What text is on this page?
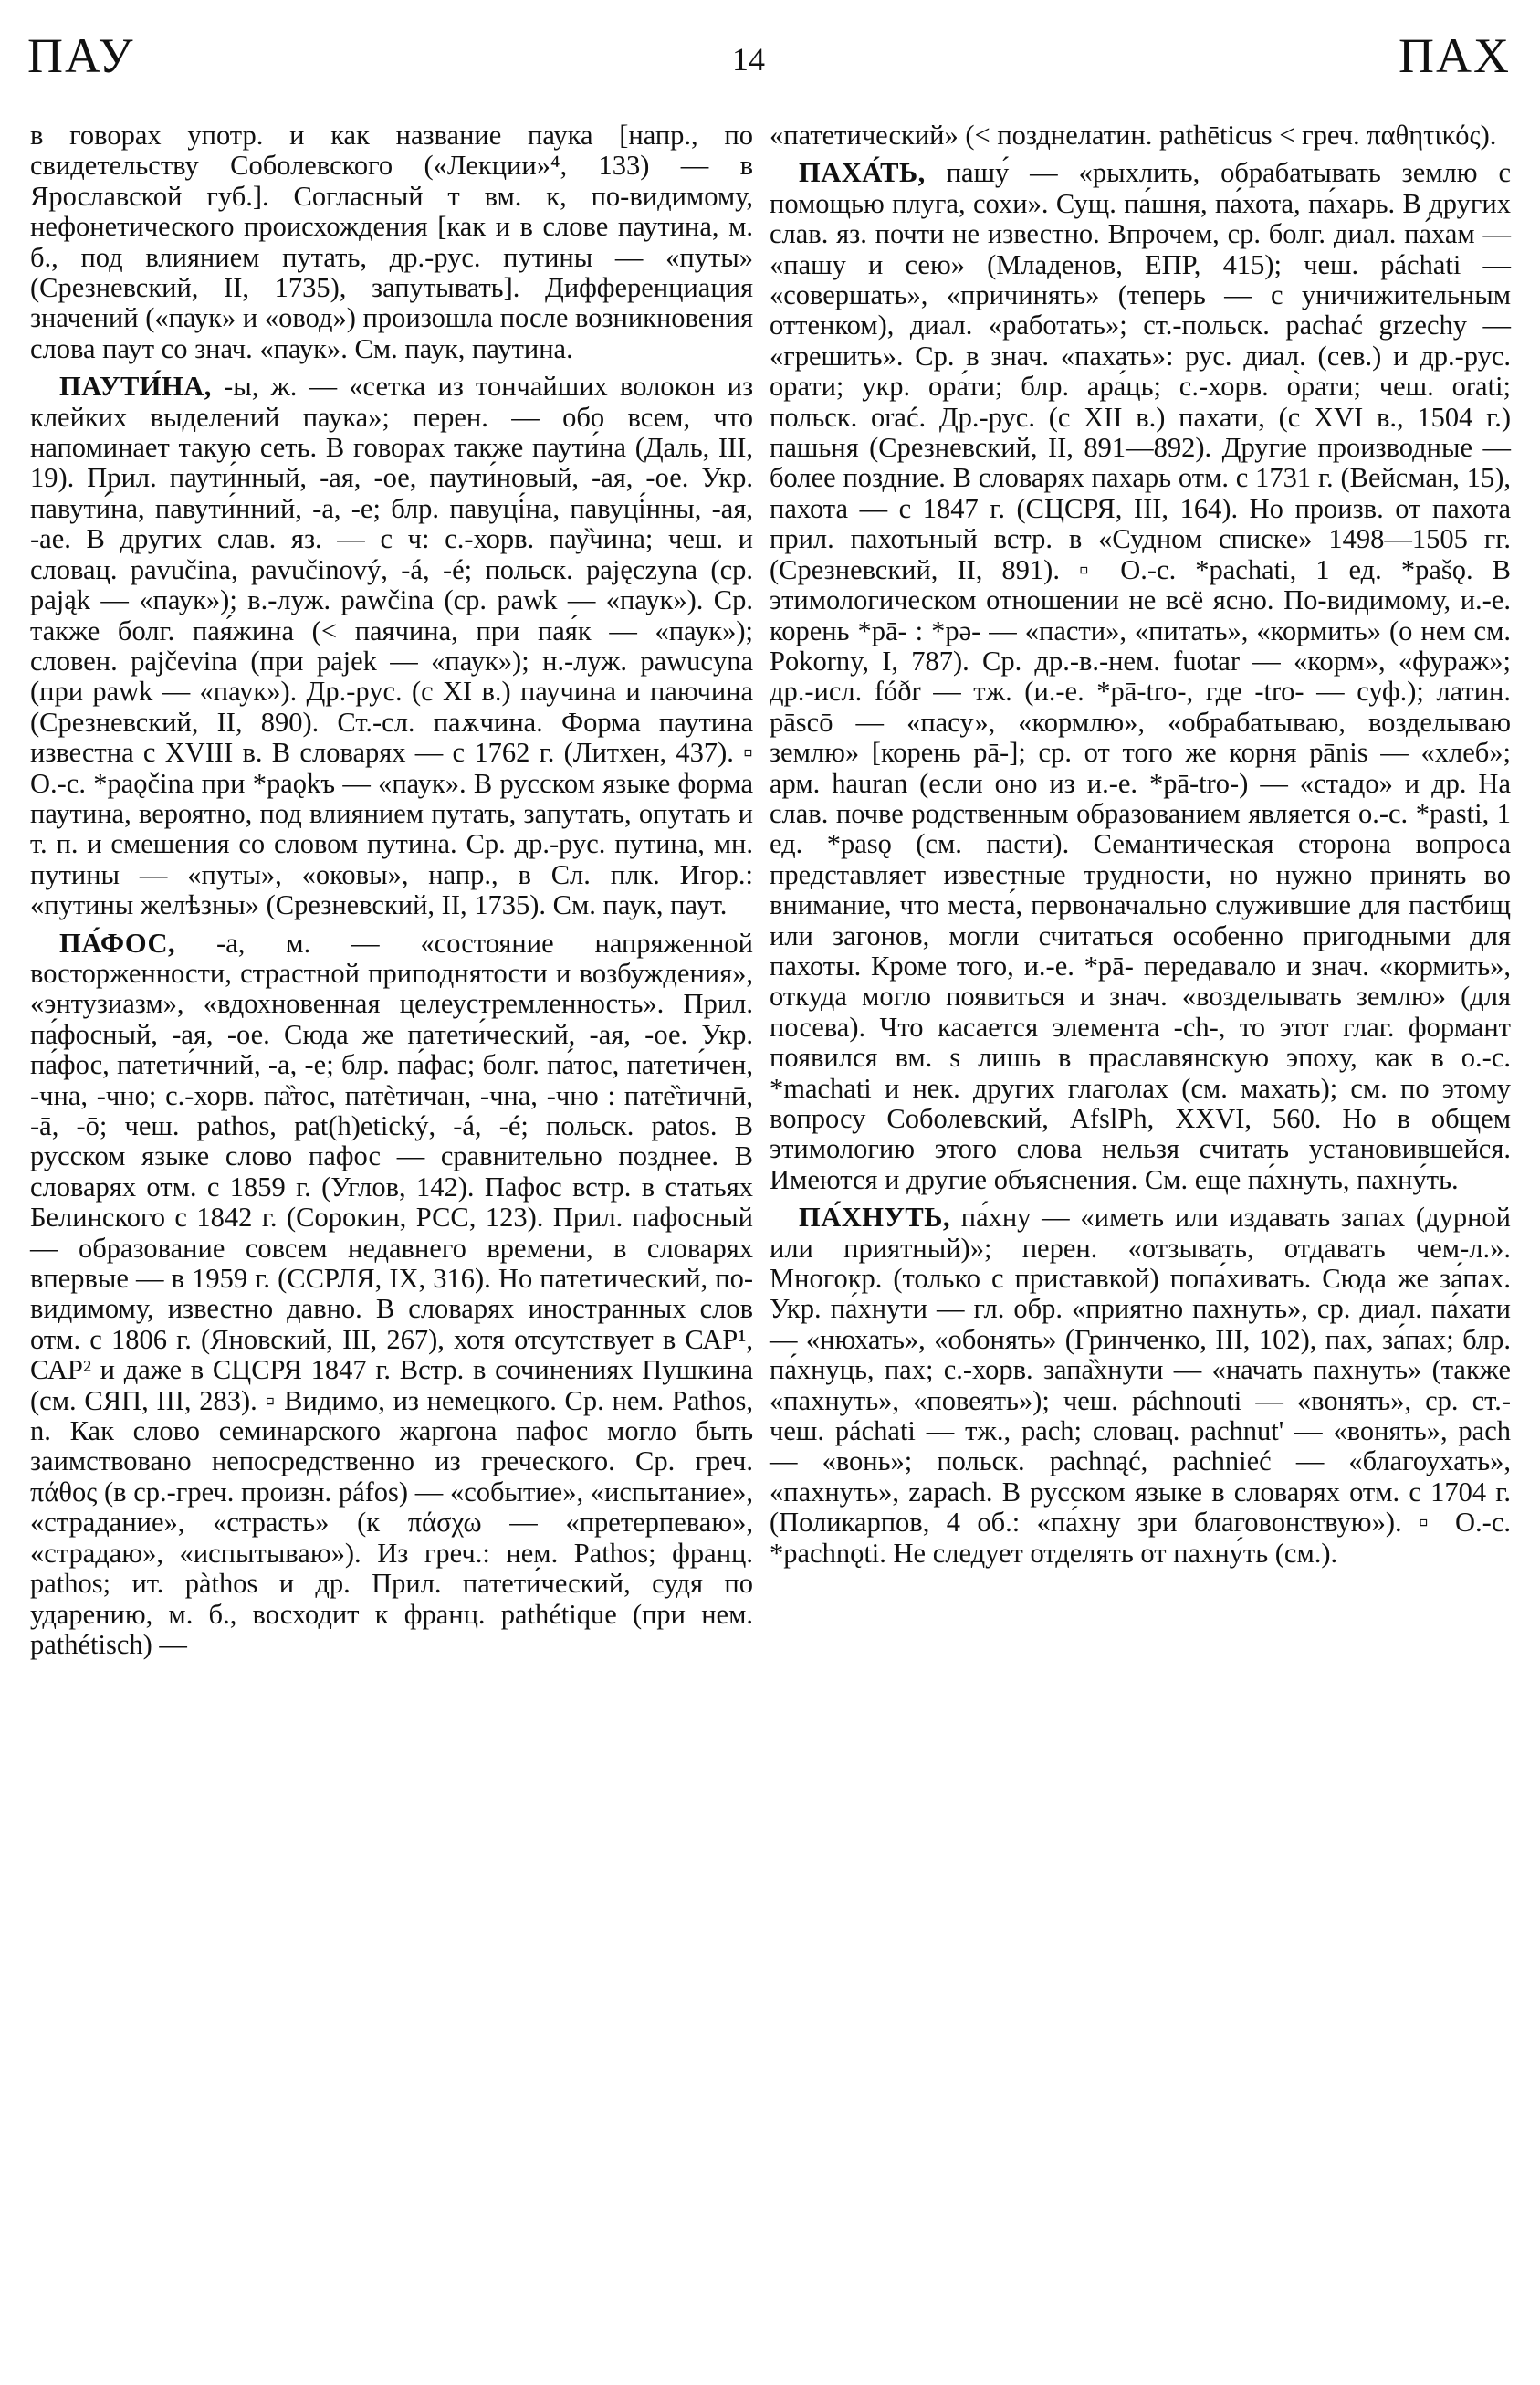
ПАУ	14	ПАХ

в говорах употр. и как название паука [напр., по свидетельству Соболевского («Лекции»⁴, 133) — в Ярославской губ.]. Согласный т вм. к, по-видимому, нефонетического происхождения [как и в слове паутина, м. б., под влиянием путать, др.-рус. путины — «путы» (Срезневский, II, 1735), запутывать]. Дифференциация значений («паук» и «овод») произошла после возникновения слова паут со знач. «паук». См. паук, паутина.

ПАУТИ́НА, -ы, ж. — «сетка из тончайших волокон из клейких выделений паука»; перен. — обо всем, что напоминает такую сеть. В говорах также паути́на (Даль, III, 19). Прил. паути́нный, -ая, -ое, паути́новый, -ая, -ое. Укр. павути́на, павути́нний, -а, -е; блр. павуці́на, павуці́нны, -ая, -ае. В других слав. яз. — с ч: с.-хорв. пау̏чина; чеш. и словац. pavučina, pavučinový, -á, -é; польск. pajęczyna (ср. pająk — «паук»); в.-луж. pawčina (ср. pawk — «паук»). Ср. также болг. пая́жина (< паячина, при пая́к — «паук»); словен. pajčevina (при pajek — «паук»); н.-луж. pawucyna (при pawk — «паук»). Др.-рус. (с XI в.) паучина и паючина (Срезневский, II, 890). Ст.-сл. паѫчина. Форма паутина известна с XVIII в. В словарях — с 1762 г. (Литхен, 437). ▫ О.-с. *paǫčina при *paǫkъ — «паук». В русском языке форма паутина, вероятно, под влиянием путать, запутать, опутать и т. п. и смешения со словом путина. Ср. др.-рус. путина, мн. путины — «путы», «оковы», напр., в Сл. плк. Игор.: «путины желѣзны» (Срезневский, II, 1735). См. паук, паут.

ПА́ФОС, -а, м. — «состояние напряженной восторженности, страстной приподнятости и возбуждения», «энтузиазм», «вдохновенная целеустремленность». Прил. па́фосный, -ая, -ое. Сюда же патети́ческий, -ая, -ое. Укр. па́фос, патети́чний, -а, -е; блр. па́фас; болг. па́тос, патети́чен, -чна, -чно; с.-хорв. па̏тос, патѐтичан, -чна, -чно : пате̏тичнӣ, -ā, -ō; чеш. pathos, pat(h)etický, -á, -é; польск. patos. В русском языке слово пафос — сравнительно позднее. В словарях отм. с 1859 г. (Углов, 142). Пафос встр. в статьях Белинского с 1842 г. (Сорокин, РСС, 123). Прил. пафосный — образование совсем недавнего времени, в словарях впервые — в 1959 г. (ССРЛЯ, IX, 316). Но патетический, по-видимому, известно давно. В словарях иностранных слов отм. с 1806 г. (Яновский, III, 267), хотя отсутствует в САР¹, САР² и даже в СЦСРЯ 1847 г. Встр. в сочинениях Пушкина (см. СЯП, III, 283). ▫ Видимо, из немецкого. Ср. нем. Pathos, n. Как слово семинарского жаргона пафос могло быть заимствовано непосредственно из греческого. Ср. греч. πάθος (в ср.-греч. произн. páfos) — «событие», «испытание», «страдание», «страсть» (к πάσχω — «претерпеваю», «страдаю», «испытываю»). Из греч.: нем. Pathos; франц. pathos; ит. pàthos и др. Прил. патети́ческий, судя по ударению, м. б., восходит к франц. pathétique (при нем. pathétisch) —

«патетический» (< позднелатин. pathēticus < греч. παθητικός).

ПАХА́ТЬ, пашу́ — «рыхлить, обрабатывать землю с помощью плуга, сохи». Сущ. па́шня, па́хота, па́харь. В других слав. яз. почти не известно. Впрочем, ср. болг. диал. па́хам — «пашу и сею» (Младенов, ЕПР, 415); чеш. páchati — «совершать», «причинять» (теперь — с уничижительным оттенком), диал. «работать»; ст.-польск. pachać grzechy — «грешить». Ср. в знач. «пахать»: рус. диал. (сев.) и др.-рус. орати; укр. ора́ти; блр. ара́ць; с.-хорв. о̀рати; чеш. orati; польск. orać. Др.-рус. (с XII в.) пахати, (с XVI в., 1504 г.) пашьня (Срезневский, II, 891—892). Другие производные — более поздние. В словарях пахарь отм. с 1731 г. (Вейсман, 15), пахота — с 1847 г. (СЦСРЯ, III, 164). Но произв. от пахота прил. пахотьный встр. в «Судном списке» 1498—1505 гг. (Срезневский, II, 891). ▫ О.-с. *pachati, 1 ед. *pašǫ. В этимологическом отношении не всё ясно. По-видимому, и.-е. корень *pā- : *pə- — «пасти», «питать», «кормить» (о нем см. Pokorny, I, 787). Ср. др.-в.-нем. fuotar — «корм», «фураж»; др.-исл. fóðr — тж. (и.-е. *pā-tro-, где -tro- — суф.); латин. pāscō — «пасу», «кормлю», «обрабатываю, возделываю землю» [корень pā-]; ср. от того же корня pānis — «хлеб»; арм. hauran (если оно из и.-е. *pā-tro-) — «стадо» и др. На слав. почве родственным образованием является о.-с. *pasti, 1 ед. *pasǫ (см. пасти). Семантическая сторона вопроса представляет известные трудности, но нужно принять во внимание, что места́, первоначально служившие для пастбищ или загонов, могли считаться особенно пригодными для пахоты. Кроме того, и.-е. *pā- передавало и знач. «кормить», откуда могло появиться и знач. «возделывать землю» (для посева). Что касается элемента -ch-, то этот глаг. формант появился вм. s лишь в праславянскую эпоху, как в о.-с. *machati и нек. других глаголах (см. махать); см. по этому вопросу Соболевский, AfslPh, XXVI, 560. Но в общем этимологию этого слова нельзя считать установившейся. Имеются и другие объяснения. См. еще па́хнуть, пахну́ть.

ПА́ХНУТЬ, па́хну — «иметь или издавать запах (дурной или приятный)»; перен. «отзывать, отдавать чем-л.». Многокр. (только с приставкой) попа́хивать. Сюда же за́пах. Укр. па́хнути — гл. обр. «приятно пахнуть», ср. диал. па́хати — «нюхать», «обонять» (Гринченко, III, 102), пах, за́пах; блр. па́хнуць, пах; с.-хорв. запа̏хнути — «начать пахнуть» (также «пахнуть», «повеять»); чеш. páchnouti — «вонять», ср. ст.-чеш. páchati — тж., pach; словац. pachnut' — «вонять», pach — «вонь»; польск. pachnąć, pachnieć — «благоухать», «пахнуть», zapach. В русском языке в словарях отм. с 1704 г. (Поликарпов, 4 об.: «па́хну зри благовонствую»). ▫ О.-с. *pachnǫti. Не следует отделять от пахну́ть (см.).
